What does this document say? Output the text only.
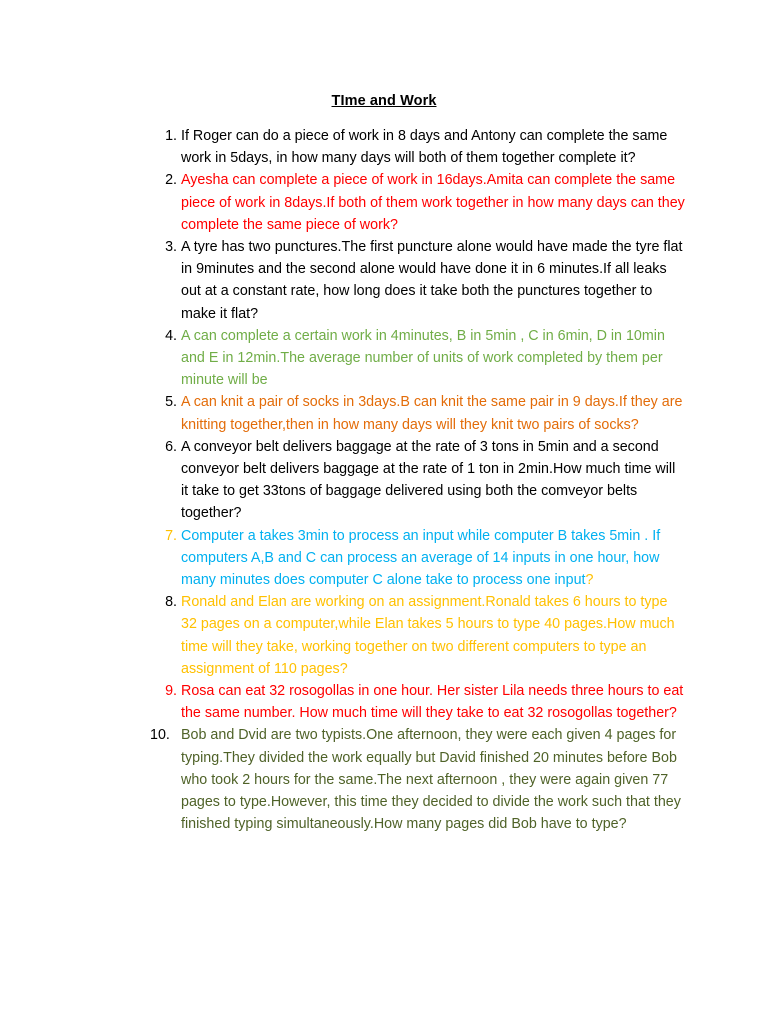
TIme and Work
1. If Roger can do a piece of work in 8 days and Antony can complete the same work in 5days, in how many days will both of them together complete it?
2. Ayesha can complete a piece of work in 16days.Amita can complete the same piece of work in 8days.If both of them work together in how many days can they complete the same piece of work?
3. A tyre has two punctures.The first puncture alone would have made the tyre flat in 9minutes and the second alone would have done it in 6 minutes.If all leaks out at a constant rate, how long does it take both the punctures together to make it flat?
4. A can complete a certain work in 4minutes, B in 5min , C in 6min, D in 10min and E in 12min.The average number of units of work completed by them per minute will be
5. A can knit a pair of socks in 3days.B can knit the same pair in 9 days.If they are knitting together,then in how many days will they knit two pairs of socks?
6. A conveyor belt delivers baggage at the rate of 3 tons in 5min and a second conveyor belt delivers baggage at the rate of 1 ton in 2min.How much time will it take to get 33tons of baggage delivered using both the comveyor belts together?
7. Computer a takes 3min to process an input while computer B takes 5min . If computers A,B and C can process an average of 14 inputs in one hour, how many minutes does computer C alone take to process one input?
8. Ronald and Elan are working on an assignment.Ronald takes 6 hours to type 32 pages on a computer,while Elan takes 5 hours to type 40 pages.How much time will they take, working together on two different computers to type an assignment of 110 pages?
9. Rosa can eat 32 rosogollas in one hour. Her sister Lila needs three hours to eat the same number. How much time will they take to eat 32 rosogollas together?
10. Bob and Dvid are two typists.One afternoon, they were each given 4 pages for typing.They divided the work equally but David finished 20 minutes before Bob who took 2 hours for the same.The next afternoon , they were again given 77 pages to type.However, this time they decided to divide the work such that they finished typing simultaneously.How many pages did Bob have to type?
